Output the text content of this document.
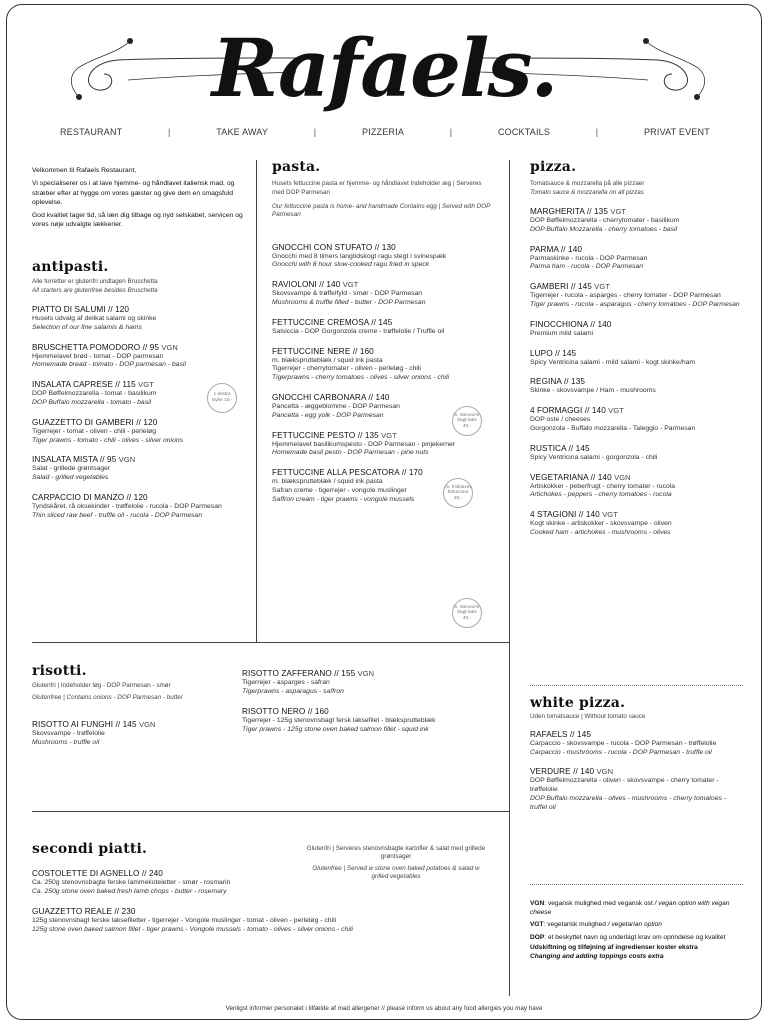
Rafaels.
RESTAURANT	|	TAKE AWAY	|	PIZZERIA	|	COCKTAILS	|	PRIVAT EVENT

Velkommen til Rafaels Restaurant,

Vi specialiserer os i at lave hjemme- og håndlavet italiensk mad, og stræber efter at hygge om vores gæster og give dem en smagsfuld oplevelse.

God kvalitet tager tid, så læn dig tilbage og nyd selskabet, servicen og vores nøje udvalgte lækkerier.

antipasti.
Alle forretter er glutenfri undtagen Bruschetta
All starters are glutenfree besides Bruschetta
PIATTO DI SALUMI // 120
Husets udvalg af delikat salami og skinke
Selection of our fine salamis & hams
BRUSCHETTA POMODORO // 95 VGN
Hjemmelavet brød - tomat - DOP parmesan
Homemade bread - tomato - DOP parmesan - basil
INSALATA CAPRESE // 115 VGT
DOP Bøffelmozzarella - tomat - basilikum
DOP Buffalo mozzarella - tomato - basil
GUAZZETTO DI GAMBERI // 120
Tigerrejer - tomat - oliven - chili - perleløg
Tiger prawns - tomato - chili - olives - silver onions
INSALATA MISTA // 95 VGN
Salat - grillede grøntsager
Salad - grilled vegetables
CARPACCIO DI MANZO // 120
Tyndskåret, rå oksekinder - trøffelolie - rucola - DOP Parmesan
Thin sliced raw beef - truffle oil - rucola - DOP Parmesan
1 ekstra styke 10,-
pasta.
Husets fettuccine pasta er hjemme- og håndlavet Indeholder æg | Serveres med DOP Parmesan
Our fettuccine pasta is home- and handmade Contains egg | Served with DOP Parmesan
GNOCCHI CON STUFATO // 130
Gnocchi med 8 timers langtidskogt ragu stegt i svinespæk
Gnocchi with 8 hour slow-cooked ragu fried in speck
RAVIOLONI // 140 VGT
Skovsvampe & trøffelfyld - smør - DOP Parmesan
Mushrooms & truffle filled - butter - DOP Parmesan
FETTUCCINE CREMOSA // 145
Salsiccia - DOP Gorgonzola creme - trøffelolie / Truffle oil
FETTUCCINE NERE // 160
m. blæksprutteblæk / squid ink pasta
Tigerrejer - cherrytomater - oliven - perleløg - chili
Tigerprawns - cherry tomatoes - olives - silver onions - chili
GNOCCHI CARBONARA // 140
Pancetta - æggeblomme - DOP Parmesan
Pancetta - egg yolk - DOP Parmesan
FETTUCCINE PESTO // 135 VGT
Hjemmelavet basilikumspesto - DOP Parmesan - pinjekerner
Homemade basil pesto - DOP Parmesan - pine nuts
FETTUCCINE ALLA PESCATORA // 170
m. blæksprutteblæk / squid ink pasta
Safran creme - tigerrejer - vongole muslinger
Saffron cream - tiger prawns - vongole mussels
m. stenovns-bagt laks 40,-
m. frisklavet fettuccine 20,-
m. stenovns-bagt laks 40,-
pizza.
Tomatsauce & mozzarella på alle pizzaer
Tomato sauce & mozzarella on all pizzas
MARGHERITA // 135 VGT
DOP Bøffelmozzarella - cherrytomater - basilikum
DOP Buffalo Mozzarella - cherry tomatoes - basil
PARMA // 140
Parmaskinke - rucola - DOP Parmesan
Parma ham - rucola - DOP Parmesan
GAMBERI // 145 VGT
Tigerrejer - rucola - asparges - cherry tomater - DOP Parmesan
Tiger prawns - rucola - asparagus - cherry tomatoes - DOP Parmesan
FINOCCHIONA // 140
Premium mild salami
LUPO // 145
Spicy Ventricina salami - mild salami - kogt skinke/ham
REGINA // 135
Skinke - skovsvampe / Ham - mushrooms
4 FORMAGGI // 140 VGT
DOP oste / cheeses
Gorgonzola - Buffalo mozzarella - Taleggio - Parmesan
RUSTICA // 145
Spicy Ventricina salami - gorgonzola - chili
VEGETARIANA // 140 VGN
Artiskokker - peberfrugt - cherry tomater - rucola
Artichokes - peppers - cherry tomatoes - rucola
4 STAGIONI // 140 VGT
Kogt skinke - artiskokker - skovsvampe - oliven
Cooked ham - artichokes - mushrooms - olives
white pizza.
Uden tomatsauce | Without tomato sauce
RAFAELS // 145
Carpaccio - skovsvampe - rucola - DOP Parmesan - trøffelolie
Carpaccio - mushrooms - rucola - DOP Parmesan - truffle oil
VERDURE // 140 VGN
DOP Bøffelmozzarella - oliven - skovsvampe - cherry tomater - trøffelolie
DOP Buffalo mozzarella - olives - mushrooms - cherry tomatoes - truffel oil

VGN: vegansk mulighed med vegansk ost / vegan option with vegan cheese

VGT: vegetarisk mulighed / vegetarian option

DOP: et beskyttet navn og underlagt krav om oprindelse og kvalitet

Udskiftning og tilføjning af ingredienser koster ekstra
Changing and adding toppings costs extra

risotti.
Glutenfri | Indeholder løg - DOP Parmesan - smør
Glutenfree | Contains onions - DOP Parmesan - butter
RISOTTO AI FUNGHI // 145 VGN
Skovsvampe - trøffelolie
Mushrooms - truffle oil
RISOTTO ZAFFERANO // 155 VGN
Tigerrejer - asparges - safran
Tigerprawns - asparagus - saffron
RISOTTO NERO // 160
Tigerrejer - 125g stenovnsbagt fersk laksefilet - blæksprutteblæk
Tiger prawns - 125g stone oven baked salmon fillet - squid ink
secondi piatti.
COSTOLETTE DI AGNELLO // 240
Ca. 250g stenovnsbagte ferske lammekoteletter - smør - rosmarin
Ca. 250g stone oven baked fresh lamb chops - butter - rosemary
GUAZZETTO REALE // 230
125g stenovnsbagt ferske laksefiletter - tigerrejer - Vongole muslinger - tomat - oliven - perleløg - chili
125g stone oven baked salmon fillet - tiger prawns - Vongole mussels - tomato - olives - silver onions - chili
Glutenfri | Serveres stenovnsbagte kartofler & salat med grillede grøntsager
Glutenfree | Served w stone oven baked potatoes & salad w grilled vegetables
Venligst informer personalet i tilfælde af mad allergener // please inform us about any food allergies you may have
